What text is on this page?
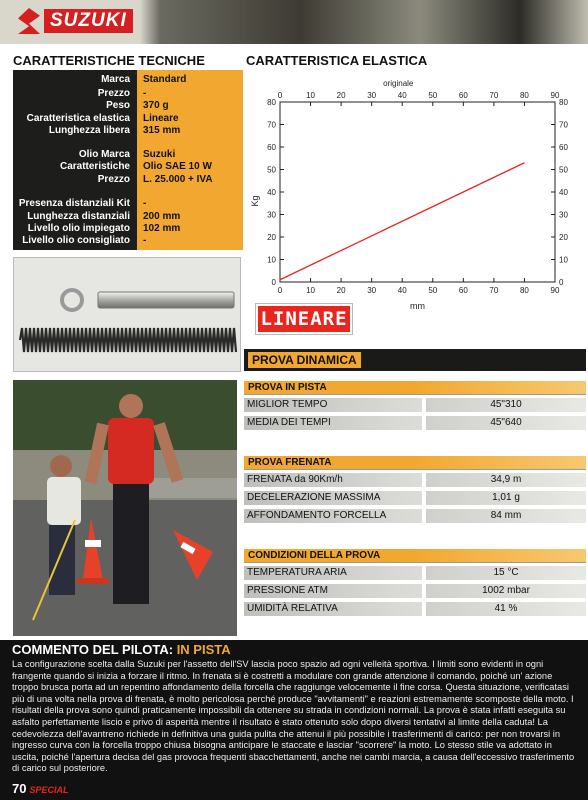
SUZUKI
CARATTERISTICHE TECNICHE
Marca Standard
Prezzo -
Peso 370 g
Caratteristica elastica Lineare
Lunghezza libera 315 mm
Olio Marca Suzuki
Caratteristiche Olio SAE 10 W
Prezzo L. 25.000 + IVA
Presenza distanziali Kit -
Lunghezza distanziali 200 mm
Livello olio impiegato 102 mm
Livello olio consigliato -
CARATTERISTICA ELASTICA
0
0
10
10
20
20
30
30
40
40
50
50
60
60
70
70
80
80
90
90
0	0
10	10
20	20
30	30
40	40
50	50
60	60
70	70
80	80
originale
mm
Kg
LINEARE
PROVA DINAMICA
PROVA IN PISTA
MIGLIOR TEMPO	45"310
MEDIA DEI TEMPI	45"640
PROVA FRENATA
FRENATA da 90Km/h	34,9 m
DECELERAZIONE MASSIMA	1,01 g
AFFONDAMENTO FORCELLA	84 mm
CONDIZIONI DELLA PROVA
TEMPERATURA ARIA	15 °C
PRESSIONE ATM	1002 mbar
UMIDITÀ RELATIVA	41 %
COMMENTO DEL PILOTA: IN PISTA

La configurazione scelta dalla Suzuki per l'assetto dell'SV lascia poco spazio ad ogni velleità sportiva. I limiti sono evidenti in ogni frangente quando si inizia a forzare il ritmo. In frenata si è costretti a modulare con grande attenzione il comando, poiché un' azione troppo brusca porta ad un repentino affondamento della forcella che raggiunge velocemente il fine corsa. Questa situazione, verificatasi più di una volta nella prova di frenata, è molto pericolosa perché produce "avvitamenti" e reazioni estremamente scomposte della moto. I risultati della prova sono quindi praticamente impossibili da ottenere su strada in condizioni normali. La prova è stata infatti eseguita su asfalto perfettamente liscio e privo di asperità mentre il risultato è stato ottenuto solo dopo diversi tentativi al limite della caduta! La cedevolezza dell'avantreno richiede in definitiva una guida pulita che attenui il più possibile i trasferimenti di carico: per non trovarsi in ingresso curva con la forcella troppo chiusa bisogna anticipare le staccate e lasciar "scorrere" la moto. Lo stesso stile va adottato in uscita, poiché l'apertura decisa del gas provoca frequenti sbacchettamenti, anche nei cambi marcia, a causa dell'eccessivo trasferimento di carico sul posteriore.

70 SPECIAL
